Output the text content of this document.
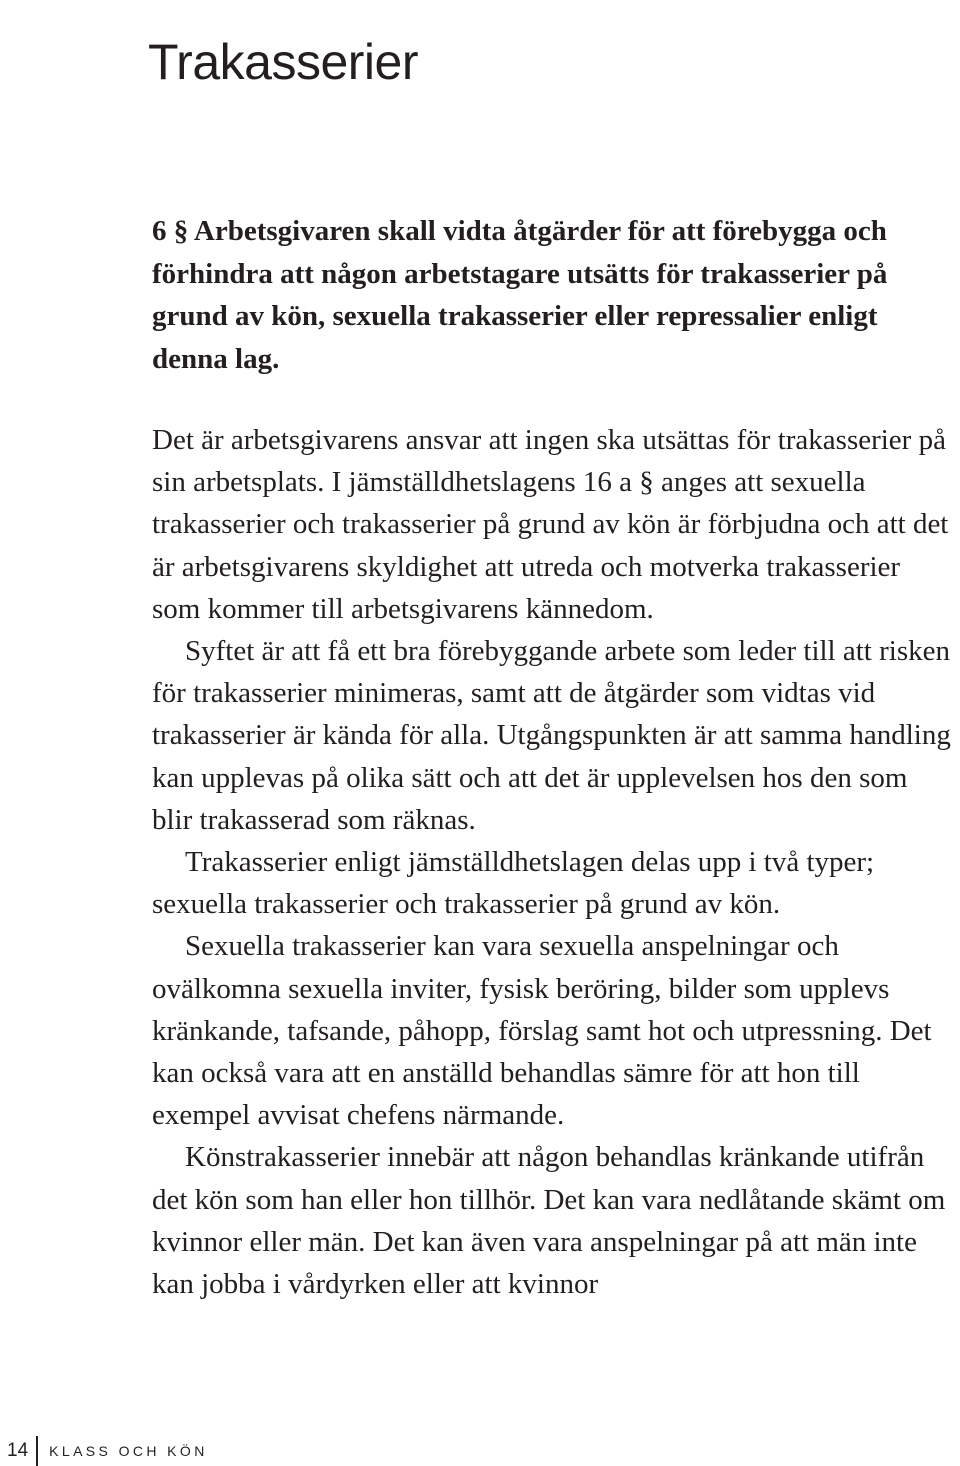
Trakasserier

6 § Arbetsgivaren skall vidta åtgärder för att förebygga och förhindra att någon arbetstagare utsätts för trakasserier på grund av kön, sexuella trakasserier eller repressalier enligt denna lag.

Det är arbetsgivarens ansvar att ingen ska utsättas för trakasserier på sin arbetsplats. I jämställdhetslagens 16 a § anges att sexuella trakasserier och trakasserier på grund av kön är förbjudna och att det är arbetsgivarens skyldighet att utreda och motverka trakasserier som kommer till arbetsgivarens kännedom.

Syftet är att få ett bra förebyggande arbete som leder till att risken för trakasserier minimeras, samt att de åtgärder som vidtas vid trakasserier är kända för alla. Utgångspunkten är att samma handling kan upplevas på olika sätt och att det är upplevelsen hos den som blir trakasserad som räknas.

Trakasserier enligt jämställdhetslagen delas upp i två typer; sexuella trakasserier och trakasserier på grund av kön.

Sexuella trakasserier kan vara sexuella anspelningar och ovälkomna sexuella inviter, fysisk beröring, bilder som upplevs kränkande, tafsande, påhopp, förslag samt hot och utpressning. Det kan också vara att en anställd behandlas sämre för att hon till exempel avvisat chefens närmande.

Könstrakasserier innebär att någon behandlas kränkande utifrån det kön som han eller hon tillhör. Det kan vara nedlåtande skämt om kvinnor eller män. Det kan även vara anspelningar på att män inte kan jobba i vårdyrken eller att kvinnor

14	KLASS OCH KÖN
